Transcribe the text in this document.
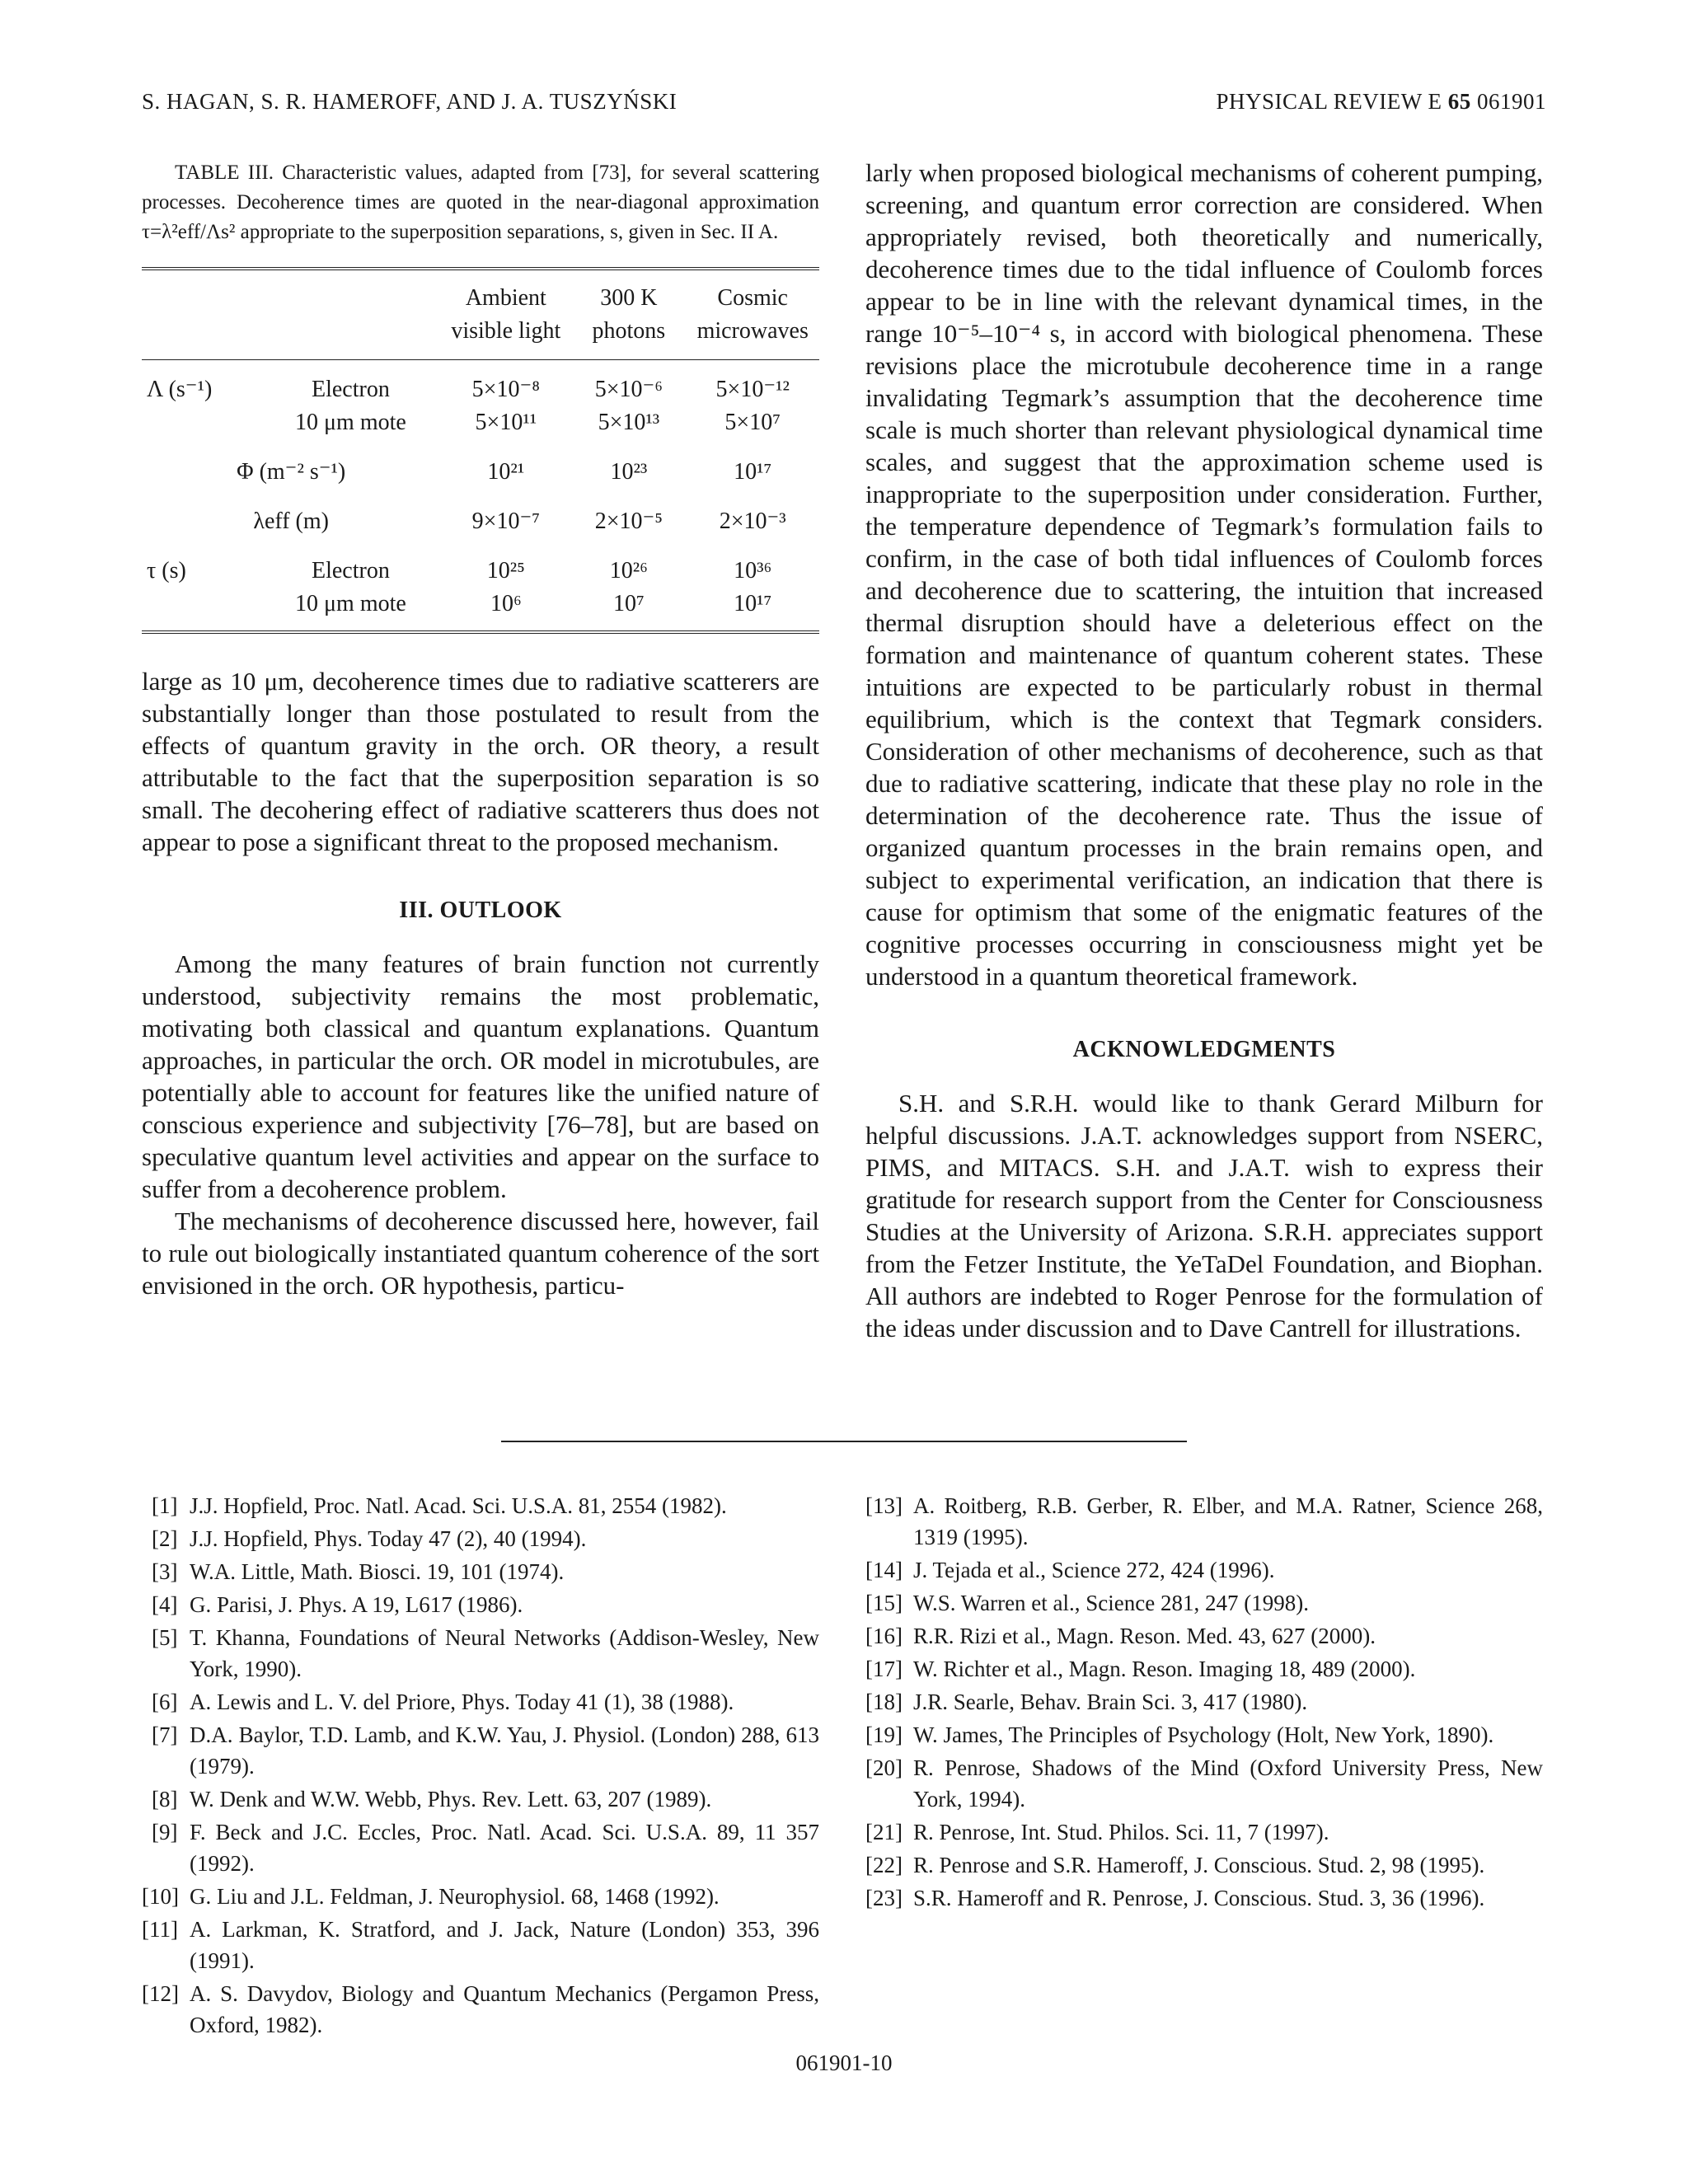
S. HAGAN, S. R. HAMEROFF, AND J. A. TUSZYŃSKI	PHYSICAL REVIEW E 65 061901

TABLE III. Characteristic values, adapted from [73], for several scattering processes. Decoherence times are quoted in the near-diagonal approximation τ=λ²eff/Λs² appropriate to the superposition separations, s, given in Sec. II A.

		Ambient visible light	300 K photons	Cosmic microwaves
Λ (s⁻¹)	Electron	5×10⁻⁸	5×10⁻⁶	5×10⁻¹²
	10 μm mote	5×10¹¹	5×10¹³	5×10⁷
Φ (m⁻² s⁻¹)		10²¹	10²³	10¹⁷
λeff (m)		9×10⁻⁷	2×10⁻⁵	2×10⁻³
τ (s)	Electron	10²⁵	10²⁶	10³⁶
	10 μm mote	10⁶	10⁷	10¹⁷

large as 10 μm, decoherence times due to radiative scatterers are substantially longer than those postulated to result from the effects of quantum gravity in the orch. OR theory, a result attributable to the fact that the superposition separation is so small. The decohering effect of radiative scatterers thus does not appear to pose a significant threat to the proposed mechanism.

III. OUTLOOK

Among the many features of brain function not currently understood, subjectivity remains the most problematic, motivating both classical and quantum explanations. Quantum approaches, in particular the orch. OR model in microtubules, are potentially able to account for features like the unified nature of conscious experience and subjectivity [76–78], but are based on speculative quantum level activities and appear on the surface to suffer from a decoherence problem.

The mechanisms of decoherence discussed here, however, fail to rule out biologically instantiated quantum coherence of the sort envisioned in the orch. OR hypothesis, particu-

larly when proposed biological mechanisms of coherent pumping, screening, and quantum error correction are considered. When appropriately revised, both theoretically and numerically, decoherence times due to the tidal influence of Coulomb forces appear to be in line with the relevant dynamical times, in the range 10⁻⁵–10⁻⁴ s, in accord with biological phenomena. These revisions place the microtubule decoherence time in a range invalidating Tegmark’s assumption that the decoherence time scale is much shorter than relevant physiological dynamical time scales, and suggest that the approximation scheme used is inappropriate to the superposition under consideration. Further, the temperature dependence of Tegmark’s formulation fails to confirm, in the case of both tidal influences of Coulomb forces and decoherence due to scattering, the intuition that increased thermal disruption should have a deleterious effect on the formation and maintenance of quantum coherent states. These intuitions are expected to be particularly robust in thermal equilibrium, which is the context that Tegmark considers. Consideration of other mechanisms of decoherence, such as that due to radiative scattering, indicate that these play no role in the determination of the decoherence rate. Thus the issue of organized quantum processes in the brain remains open, and subject to experimental verification, an indication that there is cause for optimism that some of the enigmatic features of the cognitive processes occurring in consciousness might yet be understood in a quantum theoretical framework.

ACKNOWLEDGMENTS

S.H. and S.R.H. would like to thank Gerard Milburn for helpful discussions. J.A.T. acknowledges support from NSERC, PIMS, and MITACS. S.H. and J.A.T. wish to express their gratitude for research support from the Center for Consciousness Studies at the University of Arizona. S.R.H. appreciates support from the Fetzer Institute, the YeTaDel Foundation, and Biophan. All authors are indebted to Roger Penrose for the formulation of the ideas under discussion and to Dave Cantrell for illustrations.

[1] J.J. Hopfield, Proc. Natl. Acad. Sci. U.S.A. 81, 2554 (1982).
[2] J.J. Hopfield, Phys. Today 47 (2), 40 (1994).
[3] W.A. Little, Math. Biosci. 19, 101 (1974).
[4] G. Parisi, J. Phys. A 19, L617 (1986).
[5] T. Khanna, Foundations of Neural Networks (Addison-Wesley, New York, 1990).
[6] A. Lewis and L. V. del Priore, Phys. Today 41 (1), 38 (1988).
[7] D.A. Baylor, T.D. Lamb, and K.W. Yau, J. Physiol. (London) 288, 613 (1979).
[8] W. Denk and W.W. Webb, Phys. Rev. Lett. 63, 207 (1989).
[9] F. Beck and J.C. Eccles, Proc. Natl. Acad. Sci. U.S.A. 89, 11 357 (1992).
[10] G. Liu and J.L. Feldman, J. Neurophysiol. 68, 1468 (1992).
[11] A. Larkman, K. Stratford, and J. Jack, Nature (London) 353, 396 (1991).
[12] A. S. Davydov, Biology and Quantum Mechanics (Pergamon Press, Oxford, 1982).
[13] A. Roitberg, R.B. Gerber, R. Elber, and M.A. Ratner, Science 268, 1319 (1995).
[14] J. Tejada et al., Science 272, 424 (1996).
[15] W.S. Warren et al., Science 281, 247 (1998).
[16] R.R. Rizi et al., Magn. Reson. Med. 43, 627 (2000).
[17] W. Richter et al., Magn. Reson. Imaging 18, 489 (2000).
[18] J.R. Searle, Behav. Brain Sci. 3, 417 (1980).
[19] W. James, The Principles of Psychology (Holt, New York, 1890).
[20] R. Penrose, Shadows of the Mind (Oxford University Press, New York, 1994).
[21] R. Penrose, Int. Stud. Philos. Sci. 11, 7 (1997).
[22] R. Penrose and S.R. Hameroff, J. Conscious. Stud. 2, 98 (1995).
[23] S.R. Hameroff and R. Penrose, J. Conscious. Stud. 3, 36 (1996).
061901-10
